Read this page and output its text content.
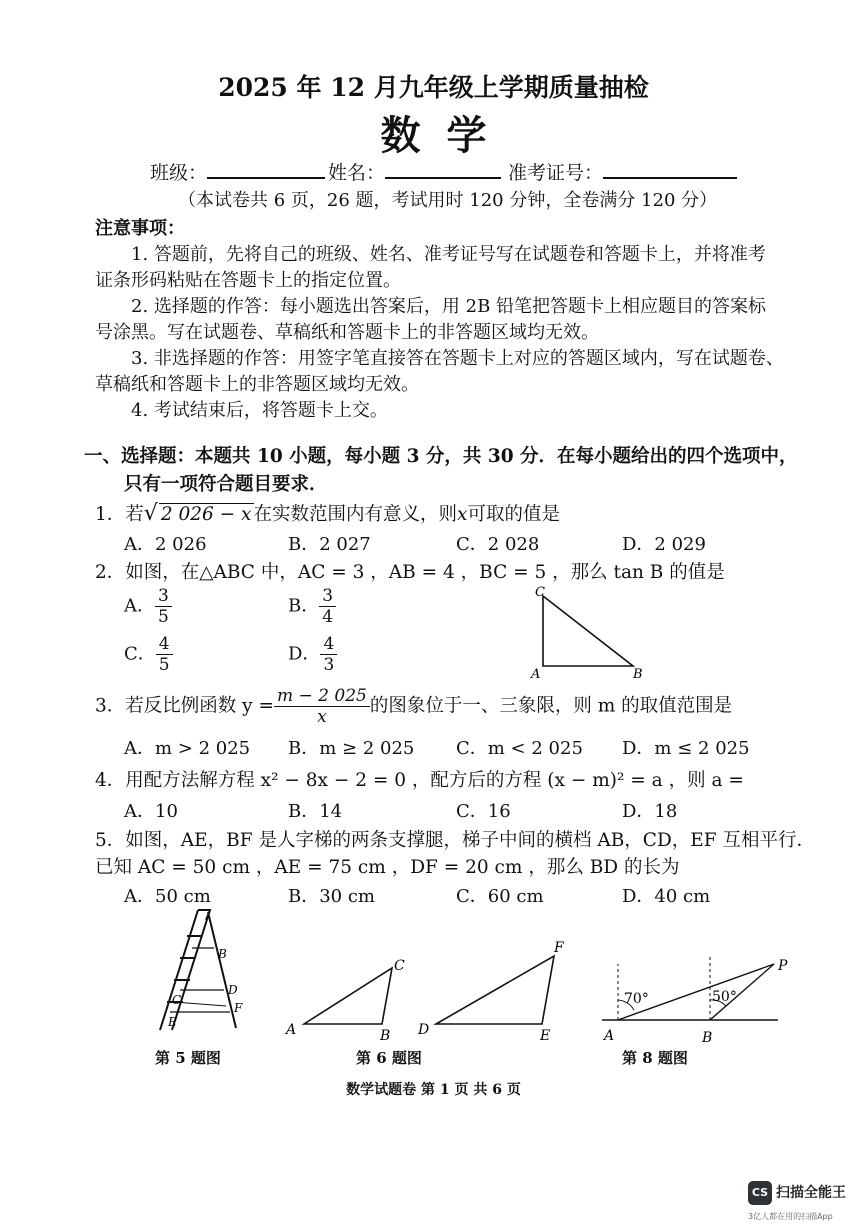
2025 年 12 月九年级上学期质量抽检
数学
班级：	姓名：	准考证号：
（本试卷共 6 页，26 题，考试用时 120 分钟，全卷满分 120 分）
注意事项：
1. 答题前，先将自己的班级、姓名、准考证号写在试题卷和答题卡上，并将准考
证条形码粘贴在答题卡上的指定位置。
2. 选择题的作答：每小题选出答案后，用 2B 铅笔把答题卡上相应题目的答案标
号涂黑。写在试题卷、草稿纸和答题卡上的非答题区域均无效。
3. 非选择题的作答：用签字笔直接答在答题卡上对应的答题区域内，写在试题卷、
草稿纸和答题卡上的非答题区域均无效。
4. 考试结束后，将答题卡上交。
一、选择题：本题共 10 小题，每小题 3 分，共 30 分．在每小题给出的四个选项中，
只有一项符合题目要求．
1．若√ 2 026 − x 在实数范围内有意义，则x可取的值是
A．2 026	B．2 027	C．2 028	D．2 029
2．如图，在△ABC 中，AC = 3 ，AB = 4 ，BC = 5 ，那么 tan B 的值是
A． $\frac{3}{5}$	B． $\frac{3}{4}$
C． $\frac{4}{5}$	D． $\frac{4}{3}$
C
A	B
3．若反比例函数 $y = \frac{m - 2 025}{x}$ 的图象位于一、三象限，则 m 的取值范围是
A．m > 2 025 B．m ≥ 2 025 C．m < 2 025 D．m ≤ 2 025
4．用配方法解方程 x² − 8x − 2 = 0 ，配方后的方程 (x − m)² = a ，则 a =
A．10	B．14	C．16	D．18
5．如图，AE，BF 是人字梯的两条支撑腿，梯子中间的横档 AB，CD，EF 互相平行．
已知 AC = 50 cm ，AE = 75 cm ，DF = 20 cm ，那么 BD 的长为
A．50 cm	B．30 cm	C．60 cm	D．40 cm
B
C
D
E
F
A	B
C
D	E
F
70°	50°
A	B
P
第 5 题图	第 6 题图	第 8 题图
数学试题卷 第 1 页 共 6 页
CS 扫描全能王
3亿人都在用的扫描App
